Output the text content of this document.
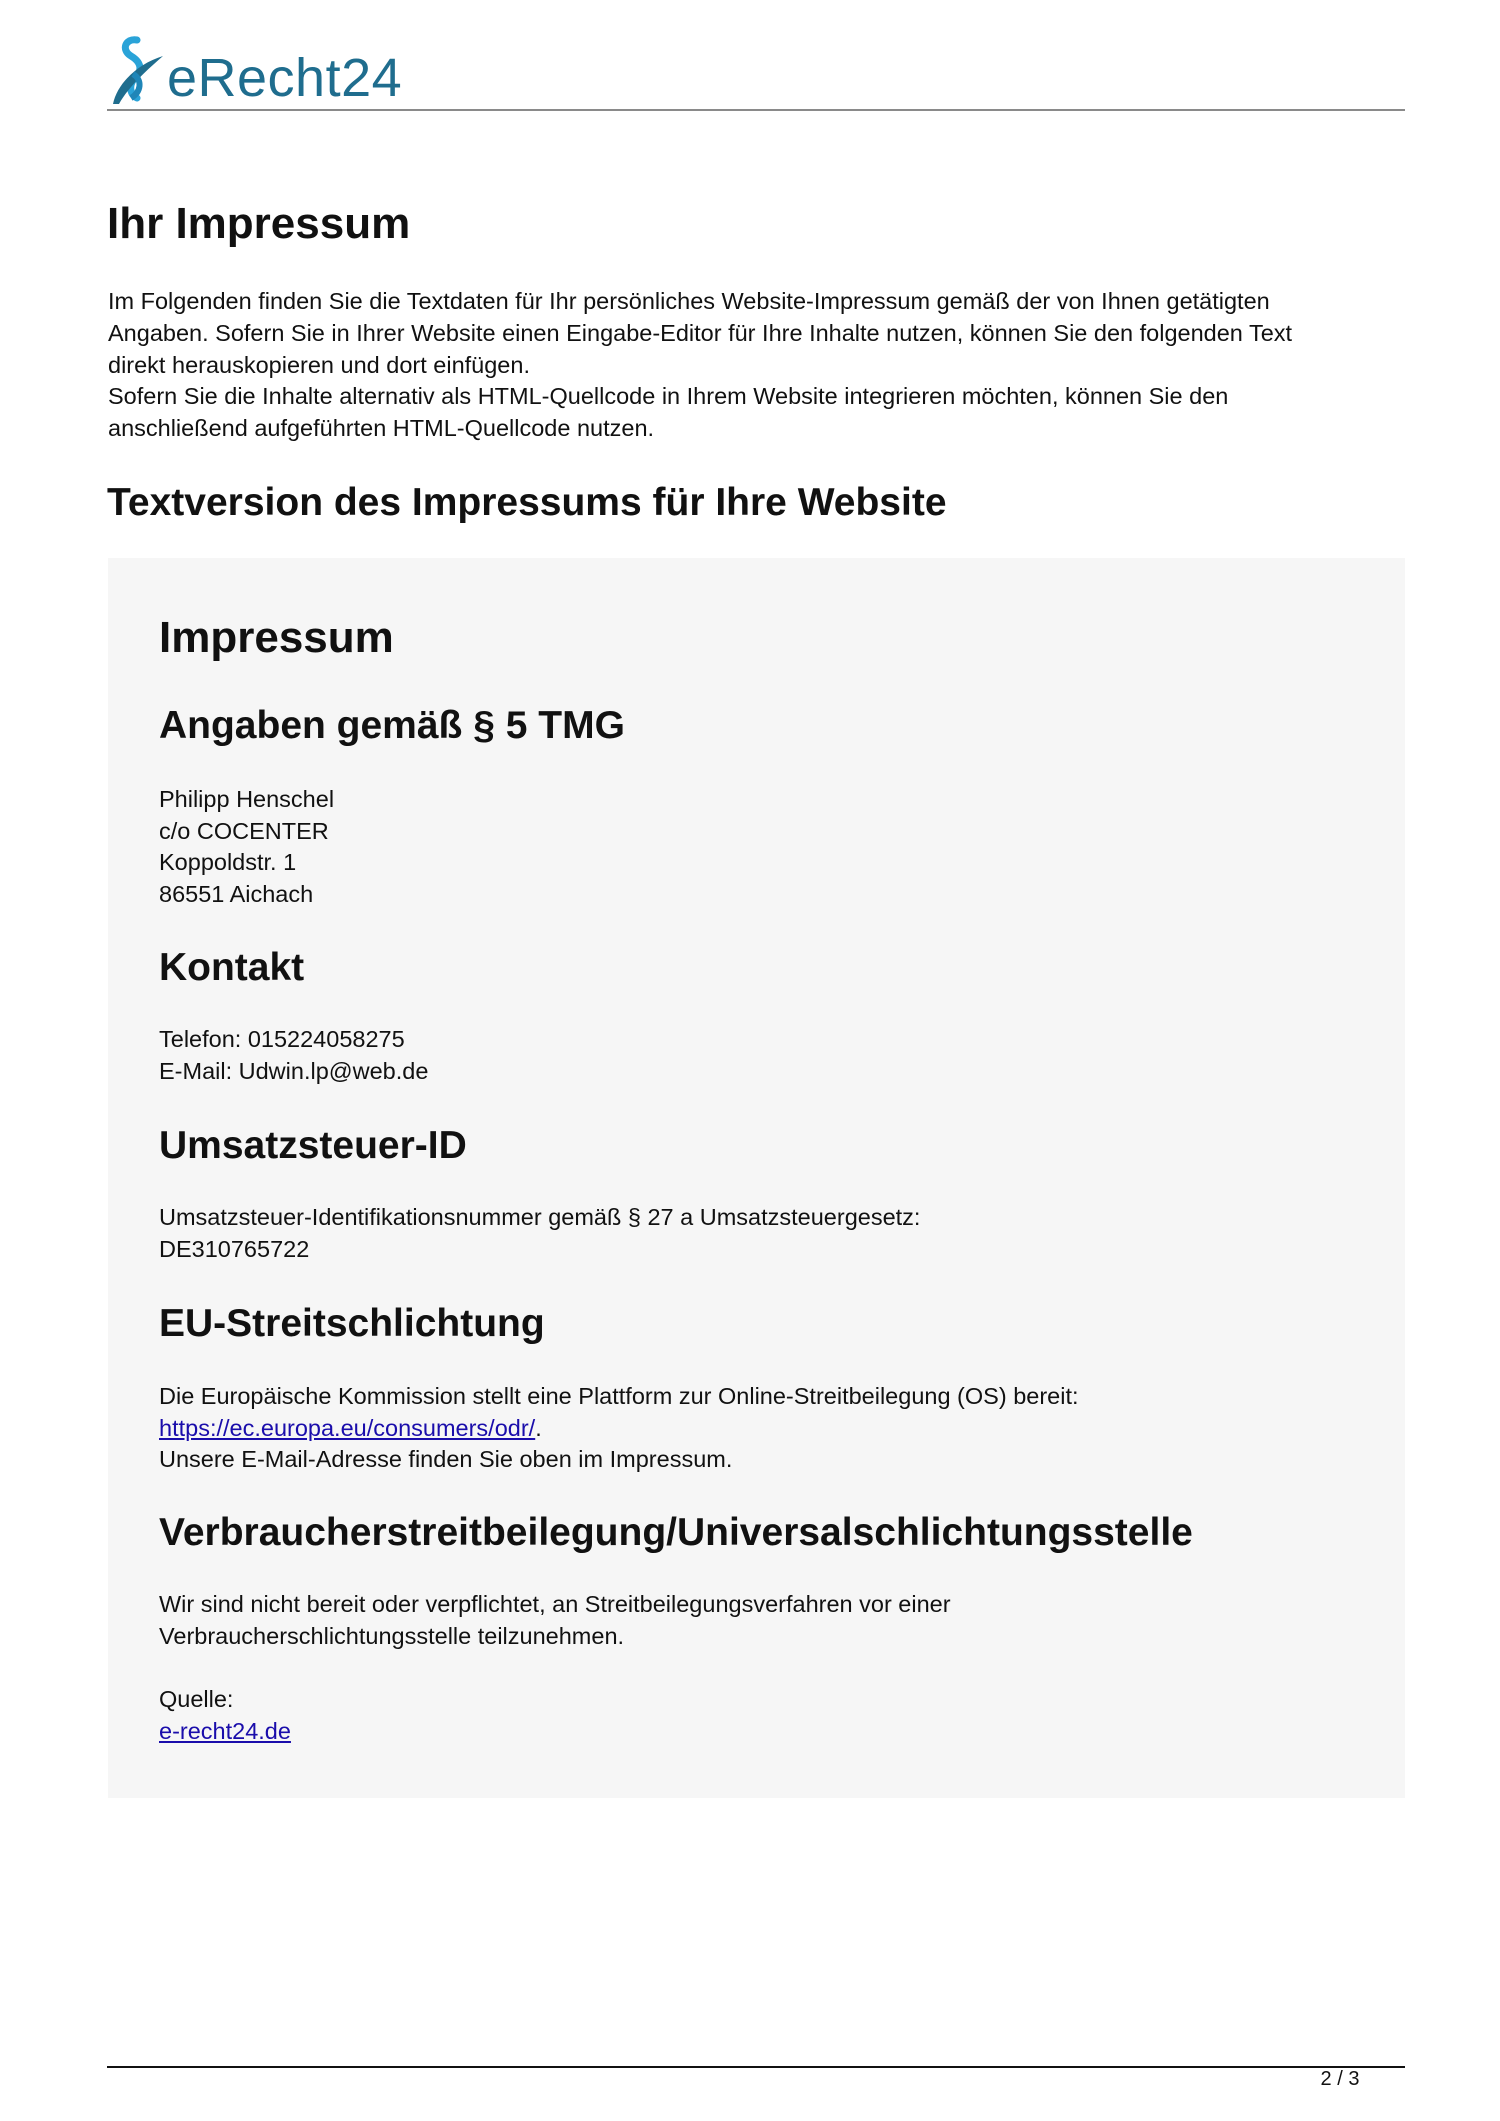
eRecht24
Ihr Impressum

Im Folgenden finden Sie die Textdaten für Ihr persönliches Website-Impressum gemäß der von Ihnen getätigten

Angaben. Sofern Sie in Ihrer Website einen Eingabe-Editor für Ihre Inhalte nutzen, können Sie den folgenden Text

direkt herauskopieren und dort einfügen.

Sofern Sie die Inhalte alternativ als HTML-Quellcode in Ihrem Website integrieren möchten, können Sie den

anschließend aufgeführten HTML-Quellcode nutzen.

Textversion des Impressums für Ihre Website
Impressum
Angaben gemäß § 5 TMG

Philipp Henschel

c/o COCENTER

Koppoldstr. 1

86551 Aichach

Kontakt

Telefon: 015224058275

E-Mail: Udwin.lp@web.de

Umsatzsteuer-ID

Umsatzsteuer-Identifikationsnummer gemäß § 27 a Umsatzsteuergesetz:

DE310765722

EU-Streitschlichtung

Die Europäische Kommission stellt eine Plattform zur Online-Streitbeilegung (OS) bereit:

https://ec.europa.eu/consumers/odr/.

Unsere E-Mail-Adresse finden Sie oben im Impressum.

Verbraucherstreitbeilegung/Universalschlichtungsstelle

Wir sind nicht bereit oder verpflichtet, an Streitbeilegungsverfahren vor einer

Verbraucherschlichtungsstelle teilzunehmen.

Quelle:

e-recht24.de

2 / 3
